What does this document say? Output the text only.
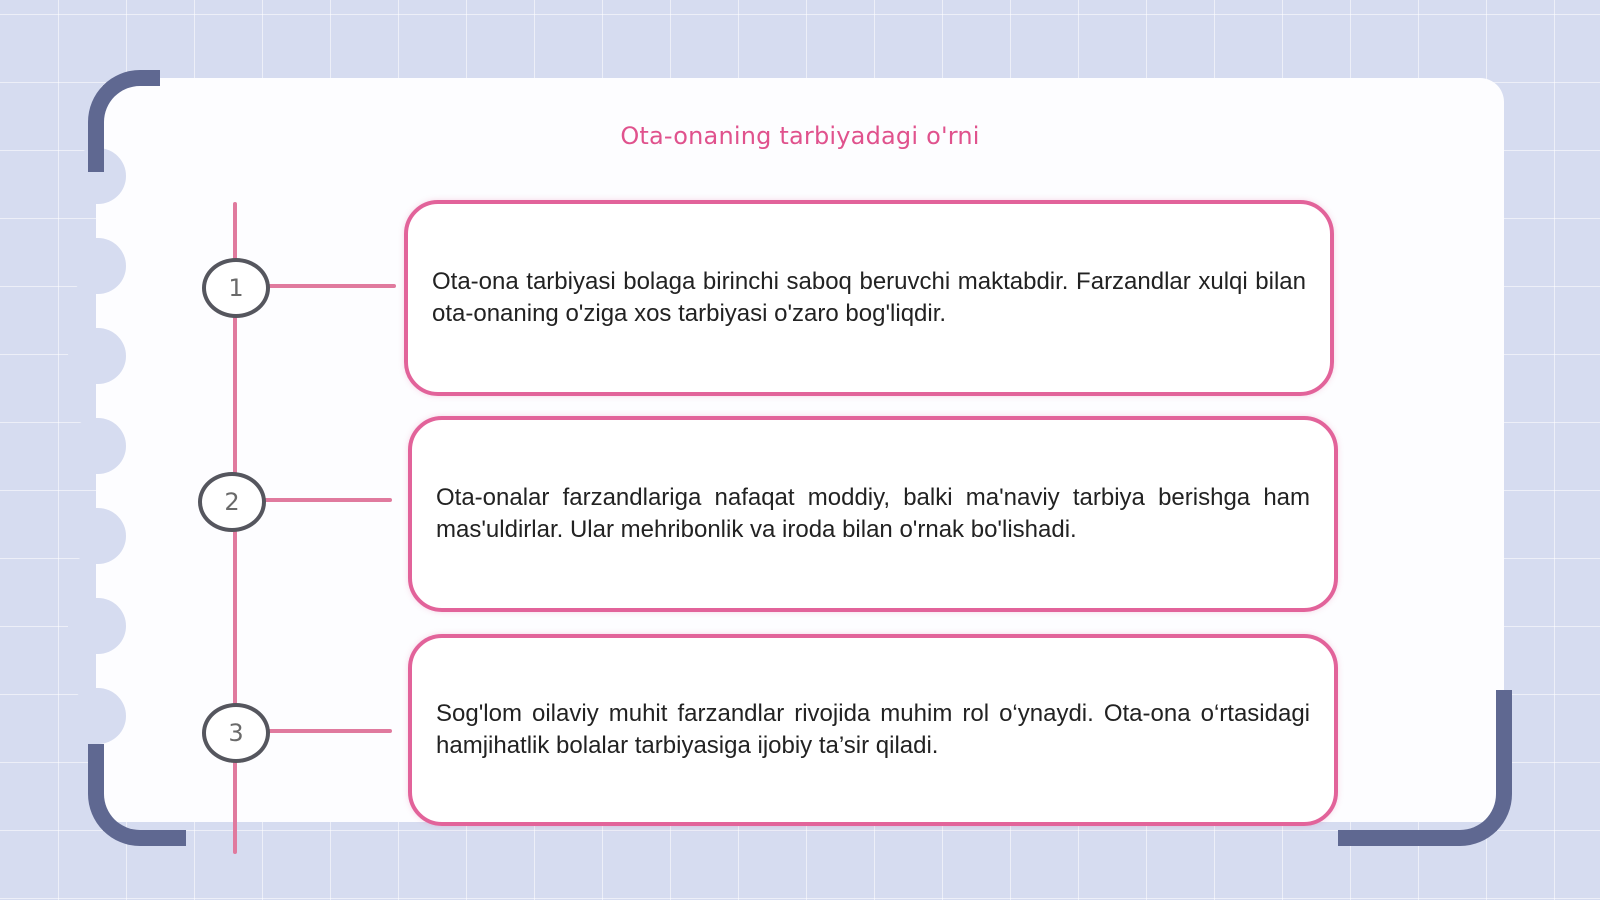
Ota-onaning tarbiyadagi o'rni
1	Ota-ona tarbiyasi bolaga birinchi saboq beruvchi maktabdir. Farzandlar xulqi bilan ota-onaning o'ziga xos tarbiyasi o'zaro bog'liqdir.
2	Ota-onalar farzandlariga nafaqat moddiy, balki ma'naviy tarbiya berishga ham mas'uldirlar. Ular mehribonlik va iroda bilan o'rnak bo'lishadi.
3
Sog'lom oilaviy muhit farzandlar rivojida muhim rol o‘ynaydi. Ota-ona o‘rtasidagi hamjihatlik bolalar tarbiyasiga ijobiy ta’sir qiladi.
